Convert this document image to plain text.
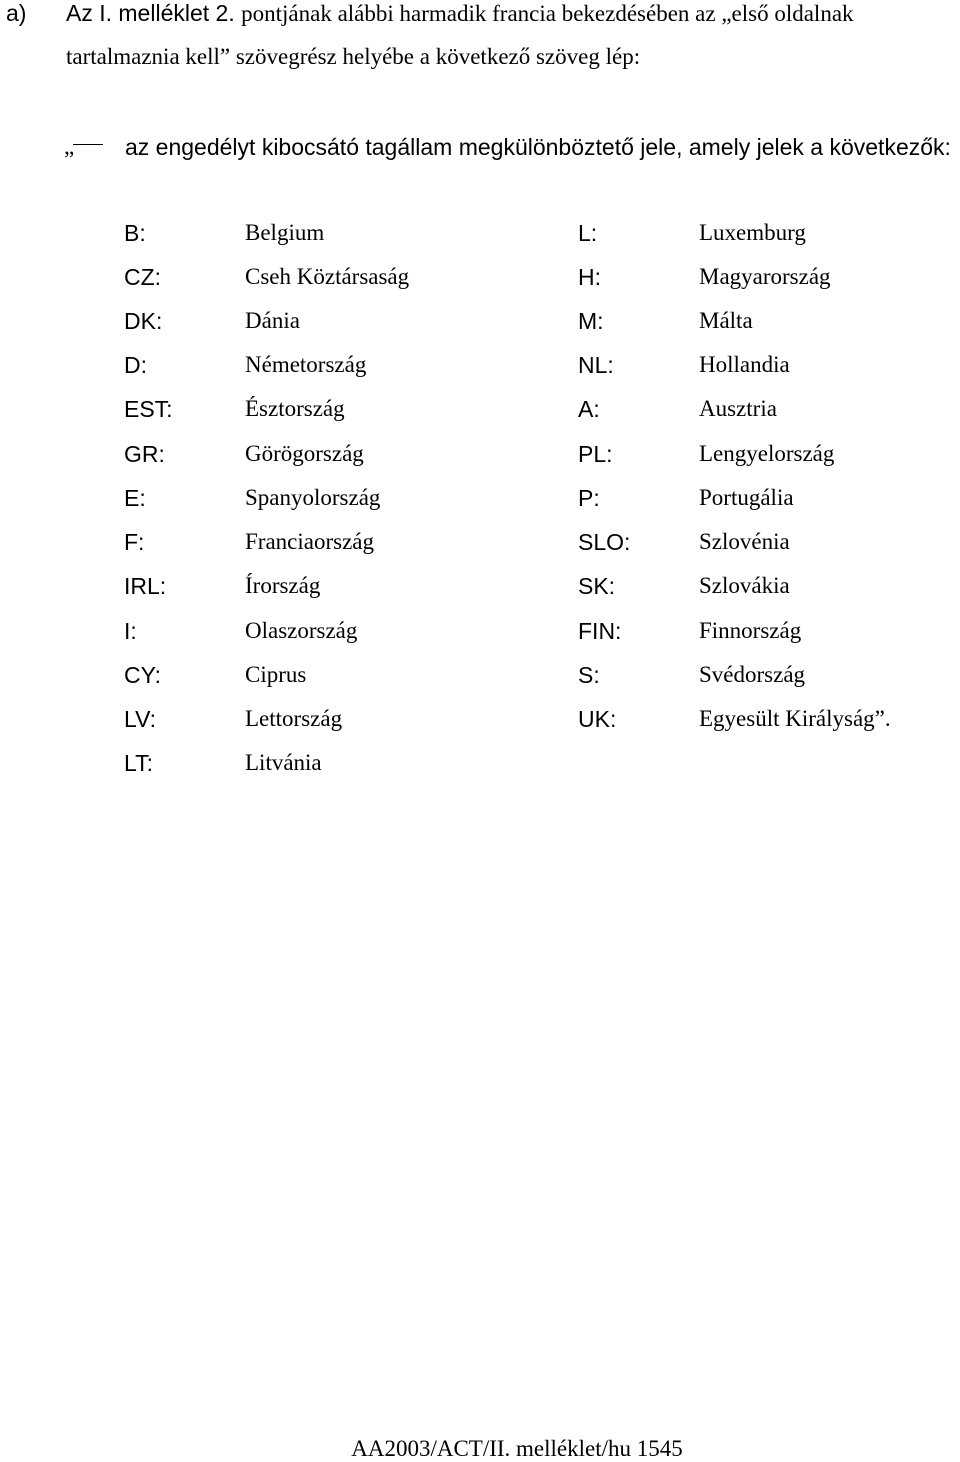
a) Az I. melléklet 2. pontjának alábbi harmadik francia bekezdésében az „első oldalnak
tartalmaznia kell” szövegrész helyébe a következő szöveg lép:
„ az engedélyt kibocsátó tagállam megkülönböztető jele, amely jelek a következők:
B:	Belgium	L:	Luxemburg
CZ:	Cseh Köztársaság	H:	Magyarország
DK:	Dánia	M:	Málta
D:	Németország	NL:	Hollandia
EST:	Észtország	A:	Ausztria
GR:	Görögország	PL:	Lengyelország
E:	Spanyolország	P:	Portugália
F:	Franciaország	SLO:	Szlovénia
IRL:	Írország	SK:	Szlovákia
I:	Olaszország	FIN:	Finnország
CY:	Ciprus	S:	Svédország
LV:	Lettország	UK:	Egyesült Királyság”.
LT:	Litvánia
AA2003/ACT/II. melléklet/hu 1545
